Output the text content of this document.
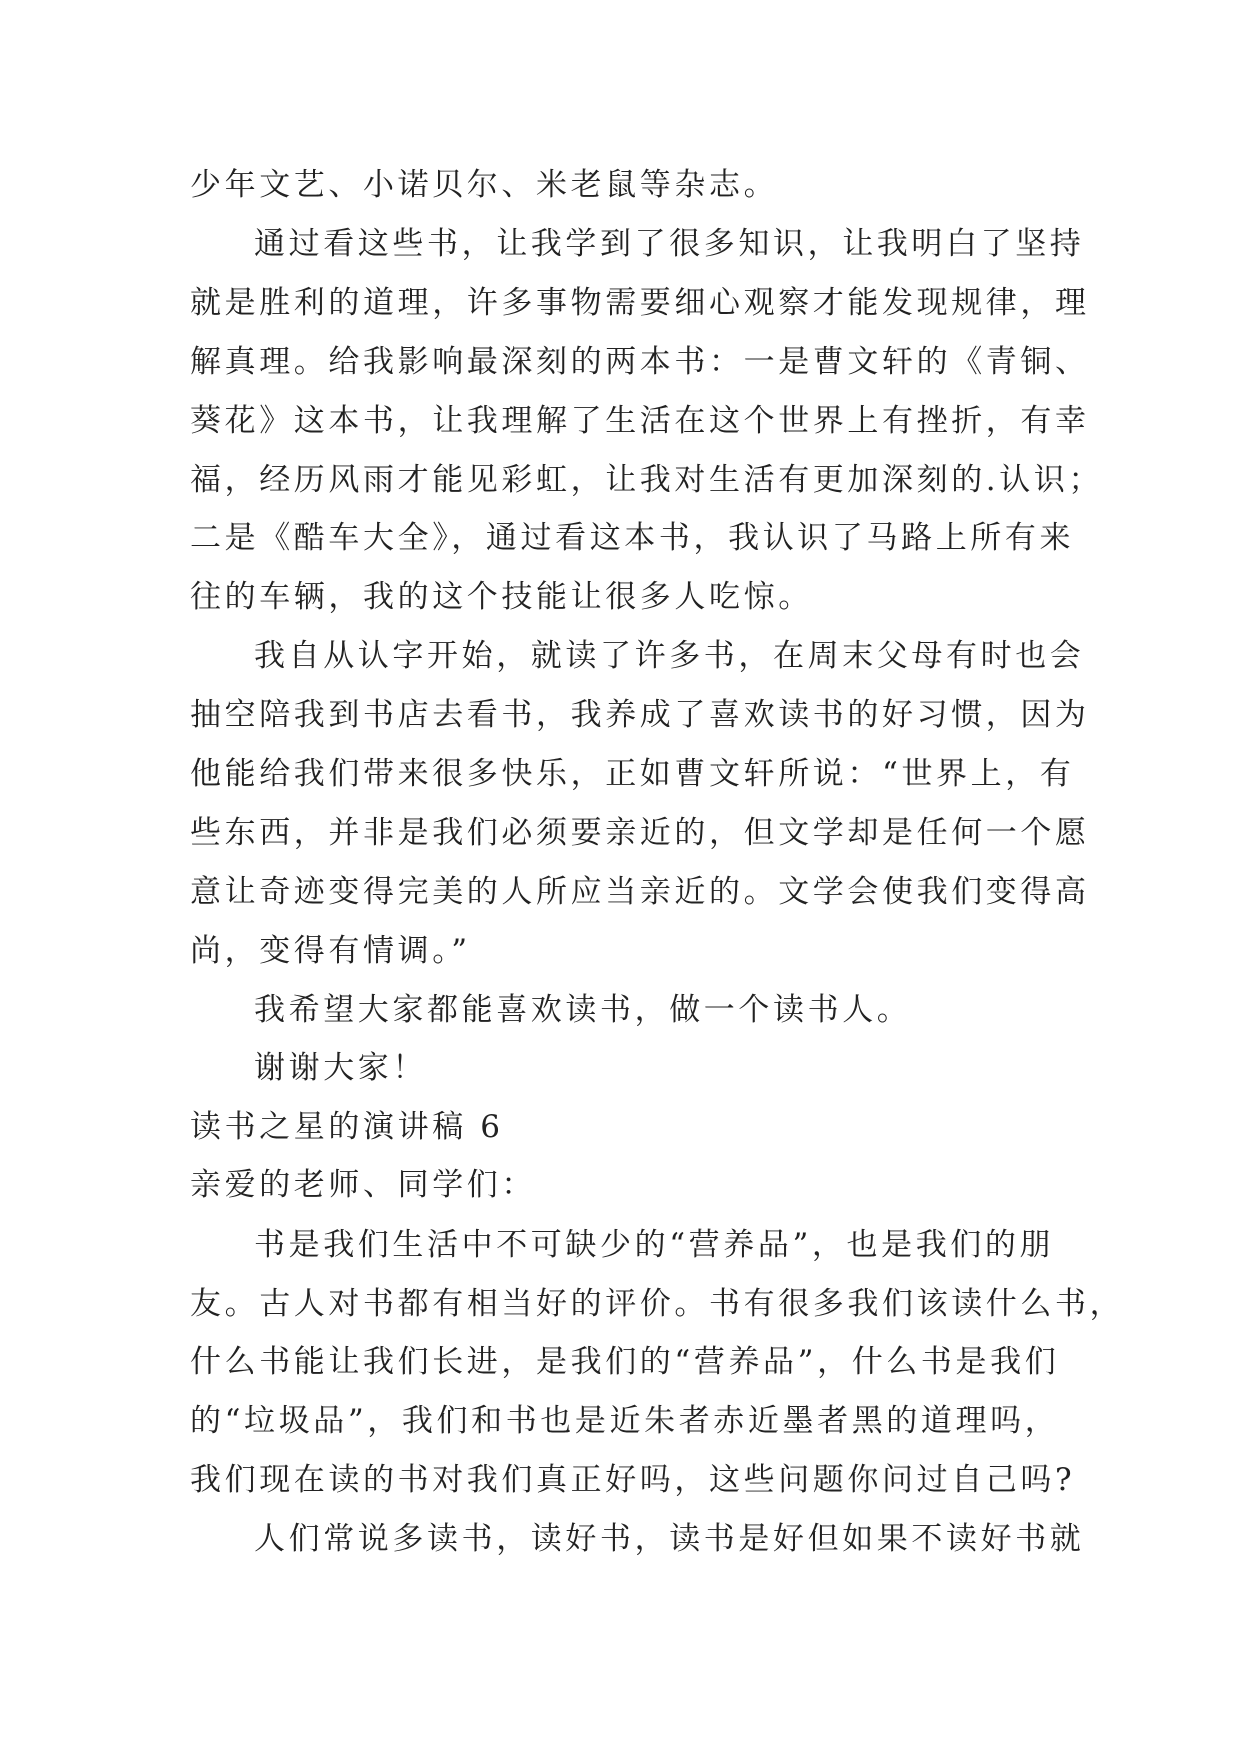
少年文艺、小诺贝尔、米老鼠等杂志。
通过看这些书，让我学到了很多知识，让我明白了坚持
就是胜利的道理，许多事物需要细心观察才能发现规律，理
解真理。给我影响最深刻的两本书：一是曹文轩的《青铜、
葵花》这本书，让我理解了生活在这个世界上有挫折，有幸
福，经历风雨才能见彩虹，让我对生活有更加深刻的.认识；
二是《酷车大全》，通过看这本书，我认识了马路上所有来
往的车辆，我的这个技能让很多人吃惊。
我自从认字开始，就读了许多书，在周末父母有时也会
抽空陪我到书店去看书，我养成了喜欢读书的好习惯，因为
他能给我们带来很多快乐，正如曹文轩所说：“世界上，有
些东西，并非是我们必须要亲近的，但文学却是任何一个愿
意让奇迹变得完美的人所应当亲近的。文学会使我们变得高
尚，变得有情调。”
我希望大家都能喜欢读书，做一个读书人。
谢谢大家！
读书之星的演讲稿 6
亲爱的老师、同学们：
书是我们生活中不可缺少的“营养品”，也是我们的朋
友。古人对书都有相当好的评价。书有很多我们该读什么书，
什么书能让我们长进，是我们的“营养品”，什么书是我们
的“垃圾品”，我们和书也是近朱者赤近墨者黑的道理吗，
我们现在读的书对我们真正好吗，这些问题你问过自己吗?
人们常说多读书，读好书，读书是好但如果不读好书就
